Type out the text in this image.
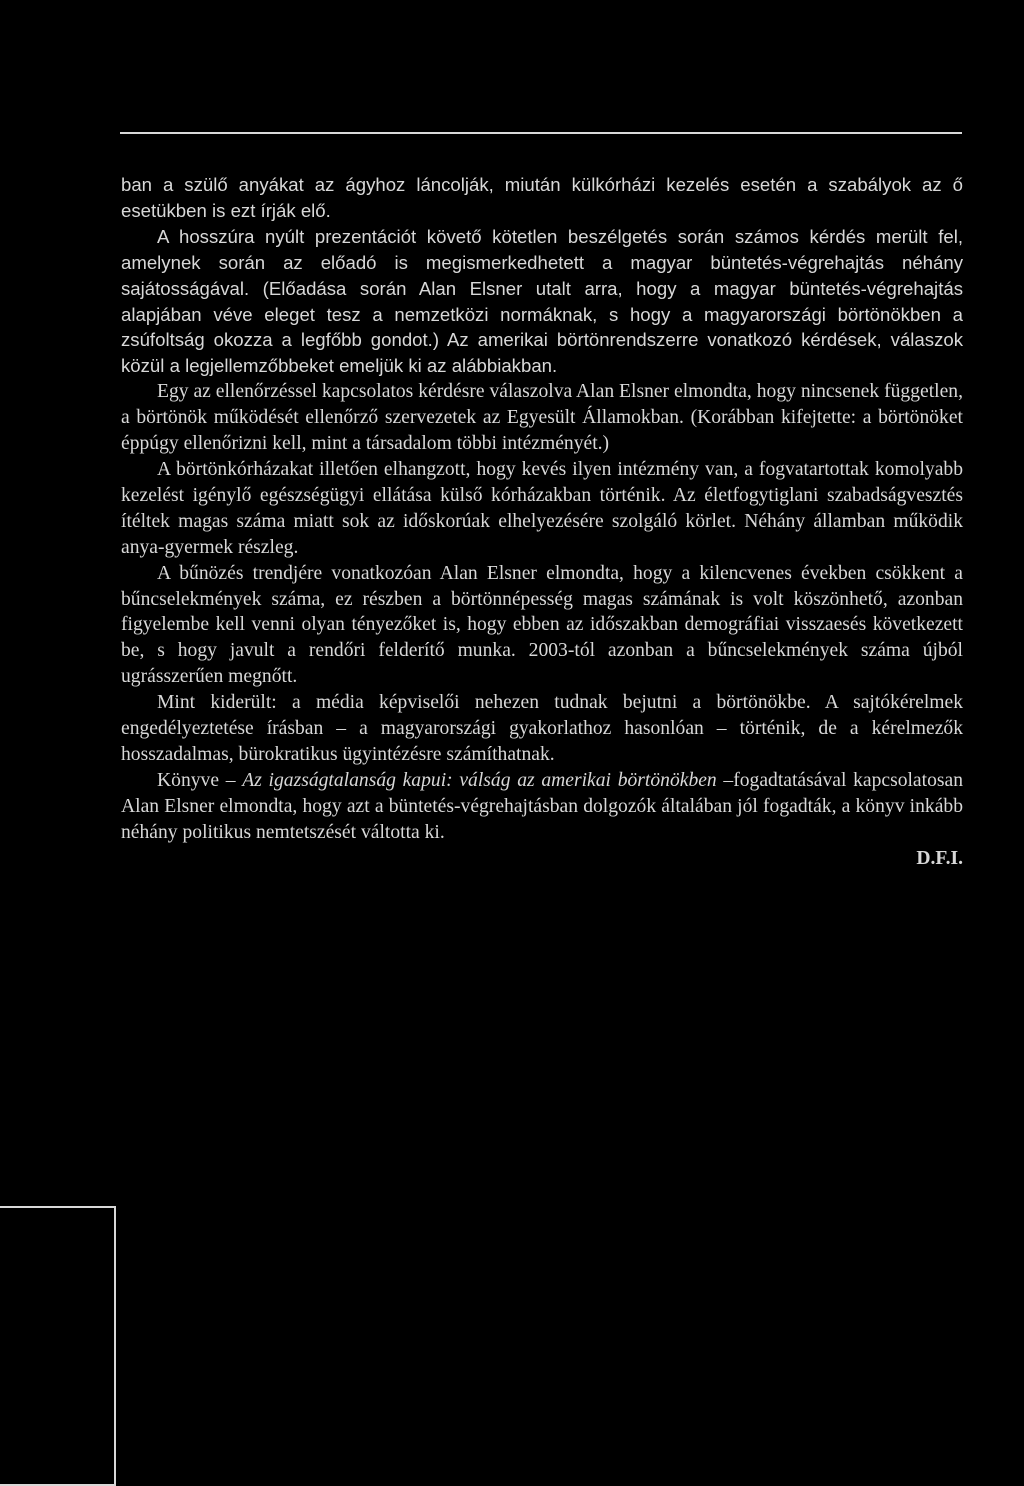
ban a szülő anyákat az ágyhoz láncolják, miután külkórházi kezelés esetén a szabályok az ő esetükben is ezt írják elő.

A hosszúra nyúlt prezentációt követő kötetlen beszélgetés során számos kérdés merült fel, amelynek során az előadó is megismerkedhetett a magyar büntetés-végrehajtás néhány sajátosságával. (Előadása során Alan Elsner utalt arra, hogy a magyar büntetés-végrehajtás alapjában véve eleget tesz a nemzetközi normáknak, s hogy a magyarországi börtönökben a zsúfoltság okozza a legfőbb gondot.) Az amerikai börtönrendszerre vonatkozó kérdések, válaszok közül a legjellemzőbbeket emeljük ki az alábbiakban.

Egy az ellenőrzéssel kapcsolatos kérdésre válaszolva Alan Elsner elmondta, hogy nincsenek független, a börtönök működését ellenőrző szervezetek az Egyesült Államokban. (Korábban kifejtette: a börtönöket éppúgy ellenőrizni kell, mint a társadalom többi intézményét.)

A börtönkórházakat illetően elhangzott, hogy kevés ilyen intézmény van, a fogvatartottak komolyabb kezelést igénylő egészségügyi ellátása külső kórházakban történik. Az életfogytiglani szabadságvesztés ítéltek magas száma miatt sok az időskorúak elhelyezésére szolgáló körlet. Néhány államban működik anya-gyermek részleg.

A bűnözés trendjére vonatkozóan Alan Elsner elmondta, hogy a kilencvenes években csökkent a bűncselekmények száma, ez részben a börtönnépesség magas számának is volt köszönhető, azonban figyelembe kell venni olyan tényezőket is, hogy ebben az időszakban demográfiai visszaesés következett be, s hogy javult a rendőri felderítő munka. 2003-tól azonban a bűncselekmények száma újból ugrásszerűen megnőtt.

Mint kiderült: a média képviselői nehezen tudnak bejutni a börtönökbe. A sajtókérelmek engedélyeztetése írásban – a magyarországi gyakorlathoz hasonlóan – történik, de a kérelmezők hosszadalmas, bürokratikus ügyintézésre számíthatnak.

Könyve – Az igazságtalanság kapui: válság az amerikai börtönökben –fogadtatásával kapcsolatosan Alan Elsner elmondta, hogy azt a büntetés-végrehajtásban dolgozók általában jól fogadták, a könyv inkább néhány politikus nemtetszését váltotta ki.

D.F.I.
